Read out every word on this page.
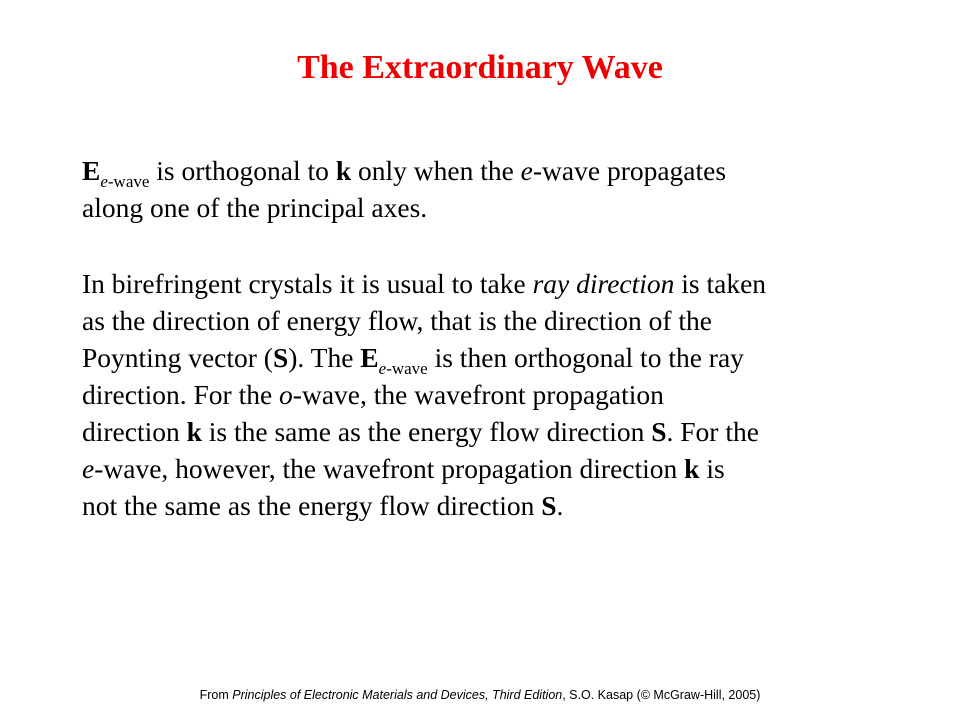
The Extraordinary Wave

$E_{e-wave}$ is orthogonal to k only when the e-wave propagates
along one of the principal axes.

In birefringent crystals it is usual to take ray direction is taken
as the direction of energy flow, that is the direction of the
Poynting vector (S). The $E_{e-wave}$ is then orthogonal to the ray
direction. For the o-wave, the wavefront propagation
direction k is the same as the energy flow direction S. For the
e-wave, however, the wavefront propagation direction k is
not the same as the energy flow direction S.

From Principles of Electronic Materials and Devices, Third Edition, S.O. Kasap (© McGraw-Hill, 2005)
